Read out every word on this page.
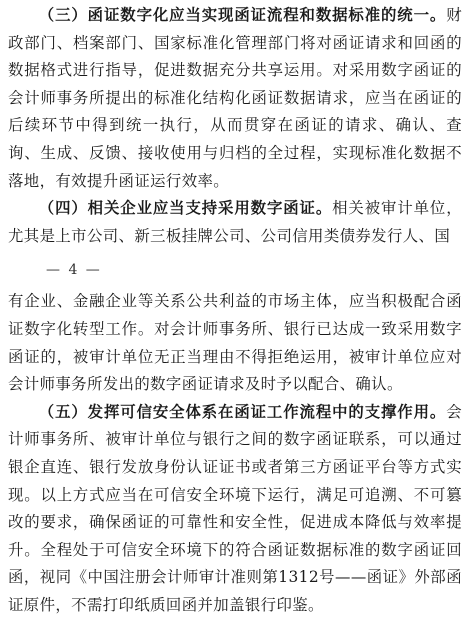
（三）函证数字化应当实现函证流程和数据标准的统一。财政部门、档案部门、国家标准化管理部门将对函证请求和回函的数据格式进行指导，促进数据充分共享运用。对采用数字函证的会计师事务所提出的标准化结构化函证数据请求，应当在函证的后续环节中得到统一执行，从而贯穿在函证的请求、确认、查询、生成、反馈、接收使用与归档的全过程，实现标准化数据不落地，有效提升函证运行效率。

（四）相关企业应当支持采用数字函证。相关被审计单位，尤其是上市公司、新三板挂牌公司、公司信用类债券发行人、国

— 4 —

有企业、金融企业等关系公共利益的市场主体，应当积极配合函证数字化转型工作。对会计师事务所、银行已达成一致采用数字函证的，被审计单位无正当理由不得拒绝运用，被审计单位应对会计师事务所发出的数字函证请求及时予以配合、确认。

（五）发挥可信安全体系在函证工作流程中的支撑作用。会计师事务所、被审计单位与银行之间的数字函证联系，可以通过银企直连、银行发放身份认证证书或者第三方函证平台等方式实现。以上方式应当在可信安全环境下运行，满足可追溯、不可篡改的要求，确保函证的可靠性和安全性，促进成本降低与效率提升。全程处于可信安全环境下的符合函证数据标准的数字函证回函，视同《中国注册会计师审计准则第1312号——函证》外部函证原件，不需打印纸质回函并加盖银行印鉴。
